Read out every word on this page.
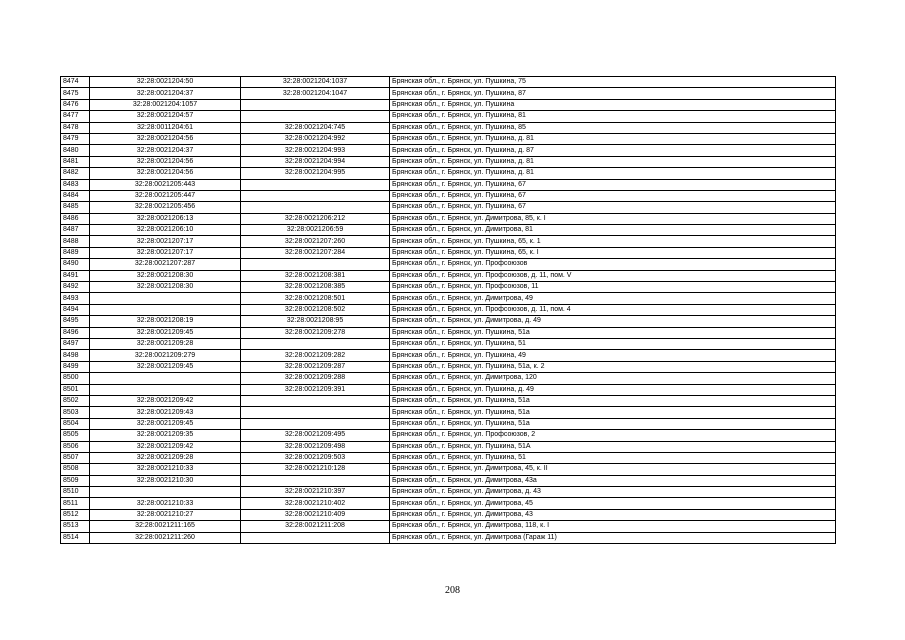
8474	32:28:0021204:50	32:28:0021204:1037	Брянская обл., г. Брянск, ул. Пушкина, 75
8475	32:28:0021204:37	32:28:0021204:1047	Брянская обл., г. Брянск, ул. Пушкина, 87
8476	32:28:0021204:1057		Брянская обл., г. Брянск, ул. Пушкина
8477	32:28:0021204:57		Брянская обл., г. Брянск, ул. Пушкина, 81
8478	32:28:0011204:61	32:28:0021204:745	Брянская обл., г. Брянск, ул. Пушкина, 85
8479	32:28:0021204:56	32:28:0021204:992	Брянская обл., г. Брянск, ул. Пушкина, д. 81
8480	32:28:0021204:37	32:28:0021204:993	Брянская обл., г. Брянск, ул. Пушкина, д. 87
8481	32:28:0021204:56	32:28:0021204:994	Брянская обл., г. Брянск, ул. Пушкина, д. 81
8482	32:28:0021204:56	32:28:0021204:995	Брянская обл., г. Брянск, ул. Пушкина, д. 81
8483	32:28:0021205:443		Брянская обл., г. Брянск, ул. Пушкина, 67
8484	32:28:0021205:447		Брянская обл., г. Брянск, ул. Пушкина, 67
8485	32:28:0021205:456		Брянская обл., г. Брянск, ул. Пушкина, 67
8486	32:28:0021206:13	32:28:0021206:212	Брянская обл., г. Брянск, ул. Димитрова, 85, к. I
8487	32:28:0021206:10	32:28:0021206:59	Брянская обл., г. Брянск, ул. Димитрова, 81
8488	32:28:0021207:17	32:28:0021207:260	Брянская обл., г. Брянск, ул. Пушкина, 65, к. 1
8489	32:28:0021207:17	32:28:0021207:284	Брянская обл., г. Брянск, ул. Пушкина, 65, к. I
8490	32:28:0021207:287		Брянская обл., г. Брянск, ул. Профсоюзов
8491	32:28:0021208:30	32:28:0021208:381	Брянская обл., г. Брянск, ул. Профсоюзов, д. 11, пом. V
8492	32:28:0021208:30	32:28:0021208:385	Брянская обл., г. Брянск, ул. Профсоюзов, 11
8493		32:28:0021208:501	Брянская обл., г. Брянск, ул. Димитрова, 49
8494		32:28:0021208:502	Брянская обл., г. Брянск, ул. Профсоюзов, д. 11, пом. 4
8495	32:28:0021208:19	32:28:0021208:95	Брянская обл., г. Брянск, ул. Димитрова, д. 49
8496	32:28:0021209:45	32:28:0021209:278	Брянская обл., г. Брянск, ул. Пушкина, 51а
8497	32:28:0021209:28		Брянская обл., г. Брянск, ул. Пушкина, 51
8498	32:28:0021209:279	32:28:0021209:282	Брянская обл., г. Брянск, ул. Пушкина, 49
8499	32:28:0021209:45	32:28:0021209:287	Брянская обл., г. Брянск, ул. Пушкина, 51а, к. 2
8500		32:28:0021209:288	Брянская обл., г. Брянск, ул. Димитрова, 120
8501		32:28:0021209:391	Брянская обл., г. Брянск, ул. Пушкина, д. 49
8502	32:28:0021209:42		Брянская обл., г. Брянск, ул. Пушкина, 51а
8503	32:28:0021209:43		Брянская обл., г. Брянск, ул. Пушкина, 51а
8504	32:28:0021209:45		Брянская обл., г. Брянск, ул. Пушкина, 51а
8505	32:28:0021209:35	32:28:0021209:495	Брянская обл., г. Брянск, ул. Профсоюзов, 2
8506	32:28:0021209:42	32:28:0021209:498	Брянская обл., г. Брянск, ул. Пушкина, 51А
8507	32:28:0021209:28	32:28:0021209:503	Брянская обл., г. Брянск, ул. Пушкина, 51
8508	32:28:0021210:33	32:28:0021210:128	Брянская обл., г. Брянск, ул. Димитрова, 45, к. II
8509	32:28:0021210:30		Брянская обл., г. Брянск, ул. Димитрова, 43а
8510		32:28:0021210:397	Брянская обл., г. Брянск, ул. Димитрова, д. 43
8511	32:28:0021210:33	32:28:0021210:402	Брянская обл., г. Брянск, ул. Димитрова, 45
8512	32:28:0021210:27	32:28:0021210:409	Брянская обл., г. Брянск, ул. Димитрова, 43
8513	32:28:0021211:165	32:28:0021211:208	Брянская обл., г. Брянск, ул. Димитрова, 118, к. I
8514	32:28:0021211:260		Брянская обл., г. Брянск, ул. Димитрова (Гараж 11)
208
